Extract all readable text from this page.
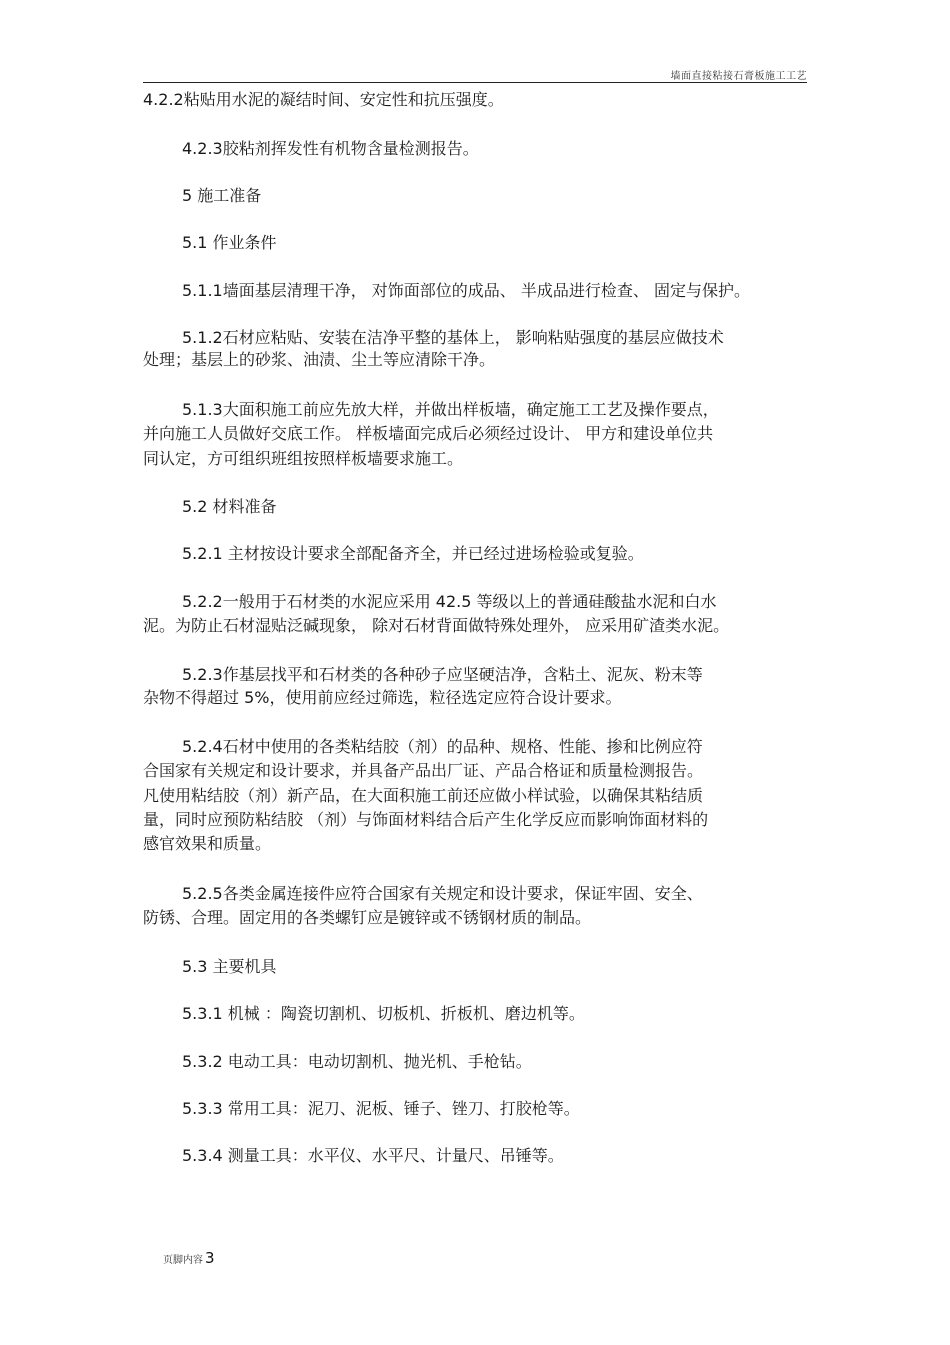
墙面直接粘接石膏板施工工艺
4.2.2粘贴用水泥的凝结时间、安定性和抗压强度。
4.2.3胶粘剂挥发性有机物含量检测报告。
5 施工准备
5.1 作业条件
5.1.1墙面基层清理干净， 对饰面部位的成品、 半成品进行检查、 固定与保护。
5.1.2石材应粘贴、安装在洁净平整的基体上， 影响粘贴强度的基层应做技术
处理；基层上的砂浆、油渍、尘土等应清除干净。
5.1.3大面积施工前应先放大样，并做出样板墙，确定施工工艺及操作要点，
并向施工人员做好交底工作。 样板墙面完成后必须经过设计、 甲方和建设单位共
同认定，方可组织班组按照样板墙要求施工。
5.2 材料准备
5.2.1 主材按设计要求全部配备齐全，并已经过进场检验或复验。
5.2.2一般用于石材类的水泥应采用 42.5 等级以上的普通硅酸盐水泥和白水
泥。为防止石材湿贴泛碱现象， 除对石材背面做特殊处理外， 应采用矿渣类水泥。
5.2.3作基层找平和石材类的各种砂子应坚硬洁净，含粘土、泥灰、粉末等
杂物不得超过 5%，使用前应经过筛选，粒径选定应符合设计要求。
5.2.4石材中使用的各类粘结胶（剂）的品种、规格、性能、掺和比例应符
合国家有关规定和设计要求，并具备产品出厂证、产品合格证和质量检测报告。
凡使用粘结胶（剂）新产品，在大面积施工前还应做小样试验，以确保其粘结质
量，同时应预防粘结胶 （剂）与饰面材料结合后产生化学反应而影响饰面材料的
感官效果和质量。
5.2.5各类金属连接件应符合国家有关规定和设计要求，保证牢固、安全、
防锈、合理。固定用的各类螺钉应是镀锌或不锈钢材质的制品。
5.3 主要机具
5.3.1 机械 ：陶瓷切割机、切板机、折板机、磨边机等。
5.3.2 电动工具：电动切割机、抛光机、手枪钻。
5.3.3 常用工具：泥刀、泥板、锤子、锉刀、打胶枪等。
5.3.4 测量工具：水平仪、水平尺、计量尺、吊锤等。
页脚内容 3
